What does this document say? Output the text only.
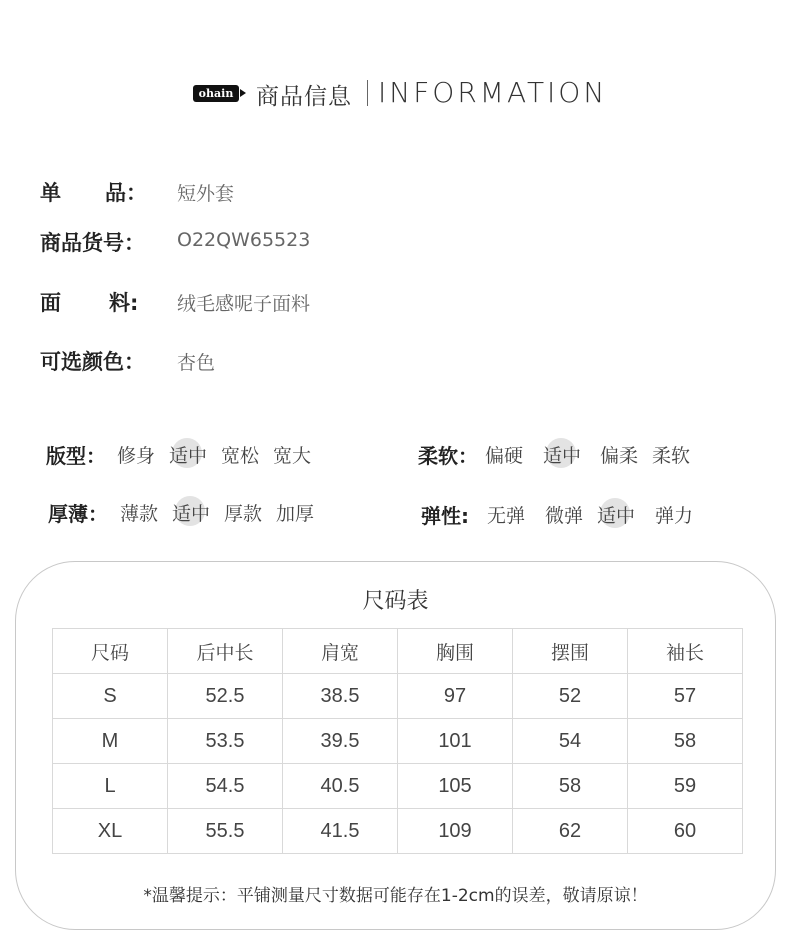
ohain 商品信息 INFORMATION
单 品：	短外套
商品货号：	O22QW65523
面 料:	绒毛感呢子面料
可选颜色：	杏色
版型： 修身 适中 宽松 宽大	柔软： 偏硬 适中 偏柔 柔软
厚薄： 薄款 适中 厚款 加厚	弹性: 无弹 微弹 适中 弹力
尺码表
尺码	后中长	肩宽	胸围	摆围	袖长
S	52.5	38.5	97	52	57
M	53.5	39.5	101	54	58
L	54.5	40.5	105	58	59
XL	55.5	41.5	109	62	60
*温馨提示：平铺测量尺寸数据可能存在1-2cm的误差，敬请原谅！
